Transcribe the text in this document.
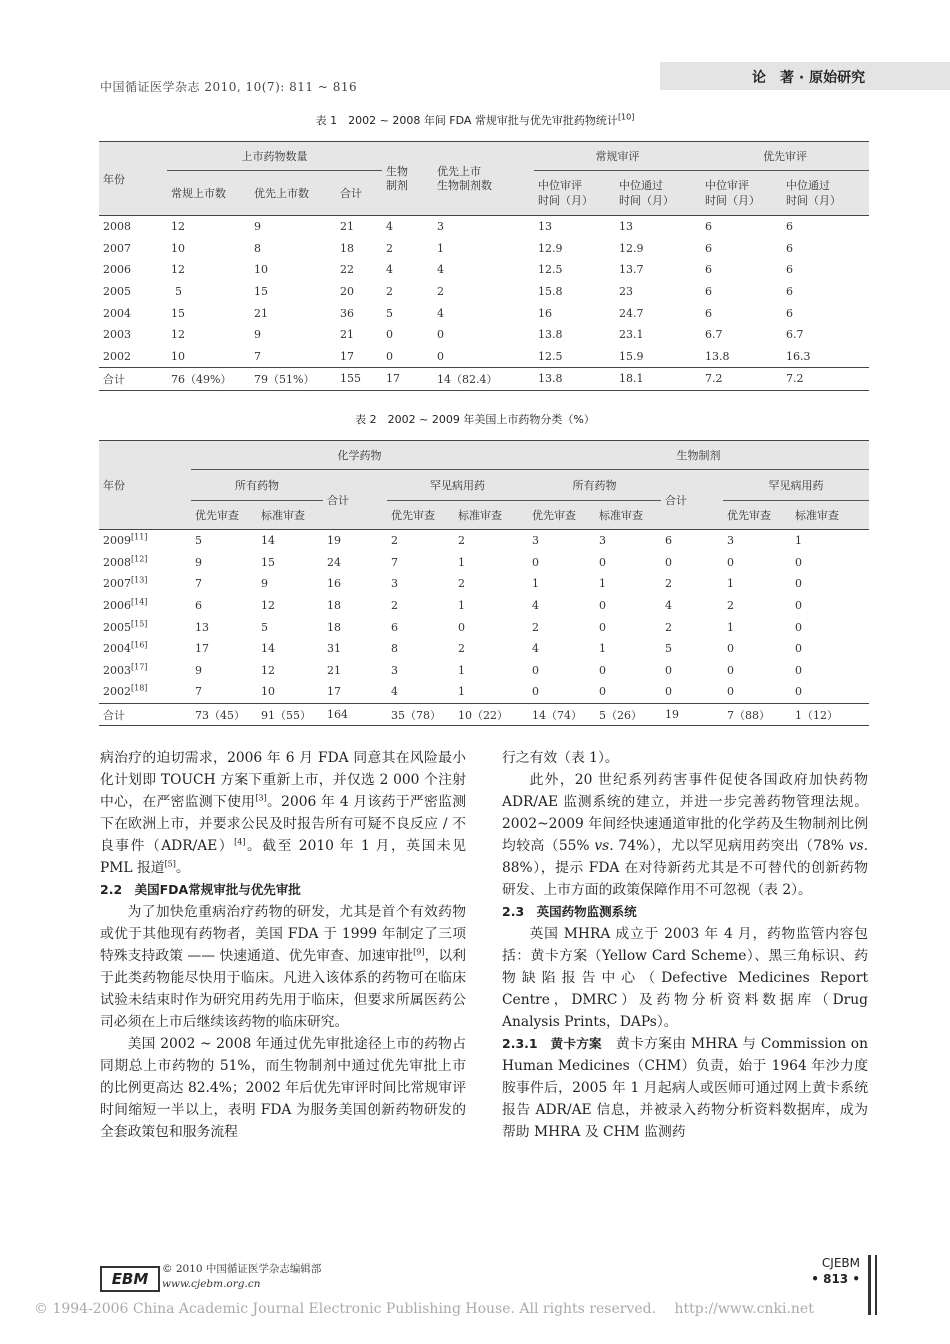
中国循证医学杂志 2010, 10(7): 811 ~ 816
论　著 · 原始研究
表 1　2002 ~ 2008 年间 FDA 常规审批与优先审批药物统计[10]
年份	上市药物数量			生物
制剂	优先上市
生物制剂数	常规审评		优先审评	
	常规上市数	优先上市数	合计			中位审评
时间（月）	中位通过
时间（月）	中位审评
时间（月）	中位通过
时间（月）
2008	12	9	21	4	3	13	13	6	6
2007	10	8	18	2	1	12.9	12.9	6	6
2006	12	10	22	4	4	12.5	13.7	6	6
2005	5	15	20	2	2	15.8	23	6	6
2004	15	21	36	5	4	16	24.7	6	6
2003	12	9	21	0	0	13.8	23.1	6.7	6.7
2002	10	7	17	0	0	12.5	15.9	13.8	16.3
合计	76（49%）	79（51%）	155	17	14（82.4）	13.8	18.1	7.2	7.2
表 2　2002 ~ 2009 年美国上市药物分类（%）
年份	化学药物					生物制剂				
	所有药物		合计	罕见病用药		所有药物		合计	罕见病用药	
	优先审查	标准审查		优先审查	标准审查	优先审查	标准审查		优先审查	标准审查
2009[11]	5	14	19	2	2	3	3	6	3	1
2008[12]	9	15	24	7	1	0	0	0	0	0
2007[13]	7	9	16	3	2	1	1	2	1	0
2006[14]	6	12	18	2	1	4	0	4	2	0
2005[15]	13	5	18	6	0	2	0	2	1	0
2004[16]	17	14	31	8	2	4	1	5	0	0
2003[17]	9	12	21	3	1	0	0	0	0	0
2002[18]	7	10	17	4	1	0	0	0	0	0
合计	73（45）	91（55）	164	35（78）	10（22）	14（74）	5（26）	19	7（88）	1（12）

病治疗的迫切需求，2006 年 6 月 FDA 同意其在风险最小化计划即 TOUCH 方案下重新上市，并仅选 2 000 个注射中心，在严密监测下使用[3]。2006 年 4 月该药于严密监测下在欧洲上市，并要求公民及时报告所有可疑不良反应 / 不良事件（ADR/AE）[4]。截至 2010 年 1 月，英国未见 PML 报道[5]。

2.2　美国FDA常规审批与优先审批

为了加快危重病治疗药物的研发，尤其是首个有效药物或优于其他现有药物者，美国 FDA 于 1999 年制定了三项特殊支持政策 —— 快速通道、优先审查、加速审批[9]，以利于此类药物能尽快用于临床。凡进入该体系的药物可在临床试验未结束时作为研究用药先用于临床，但要求所属医药公司必须在上市后继续该药物的临床研究。

美国 2002 ~ 2008 年通过优先审批途径上市的药物占同期总上市药物的 51%，而生物制剂中通过优先审批上市的比例更高达 82.4%；2002 年后优先审评时间比常规审评时间缩短一半以上，表明 FDA 为服务美国创新药物研发的全套政策包和服务流程

行之有效（表 1）。

此外，20 世纪系列药害事件促使各国政府加快药物 ADR/AE 监测系统的建立，并进一步完善药物管理法规。2002~2009 年间经快速通道审批的化学药及生物制剂比例均较高（55% vs. 74%），尤以罕见病用药突出（78% vs. 88%），提示 FDA 在对待新药尤其是不可替代的创新药物研发、上市方面的政策保障作用不可忽视（表 2）。

2.3　英国药物监测系统

英国 MHRA 成立于 2003 年 4 月，药物监管内容包括：黄卡方案（Yellow Card Scheme）、黑三角标识、药物缺陷报告中心（Defective Medicines Report Centre，DMRC）及药物分析资料数据库（Drug Analysis Prints，DAPs）。

2.3.1　黄卡方案　黄卡方案由 MHRA 与 Commission on Human Medicines（CHM）负责，始于 1964 年沙力度胺事件后，2005 年 1 月起病人或医师可通过网上黄卡系统报告 ADR/AE 信息，并被录入药物分析资料数据库，成为帮助 MHRA 及 CHM 监测药

EBM
© 2010 中国循证医学杂志编辑部
www.cjebm.org.cn
CJEBM
• 813 •
© 1994-2006 China Academic Journal Electronic Publishing House. All rights reserved.　 http://www.cnki.net
